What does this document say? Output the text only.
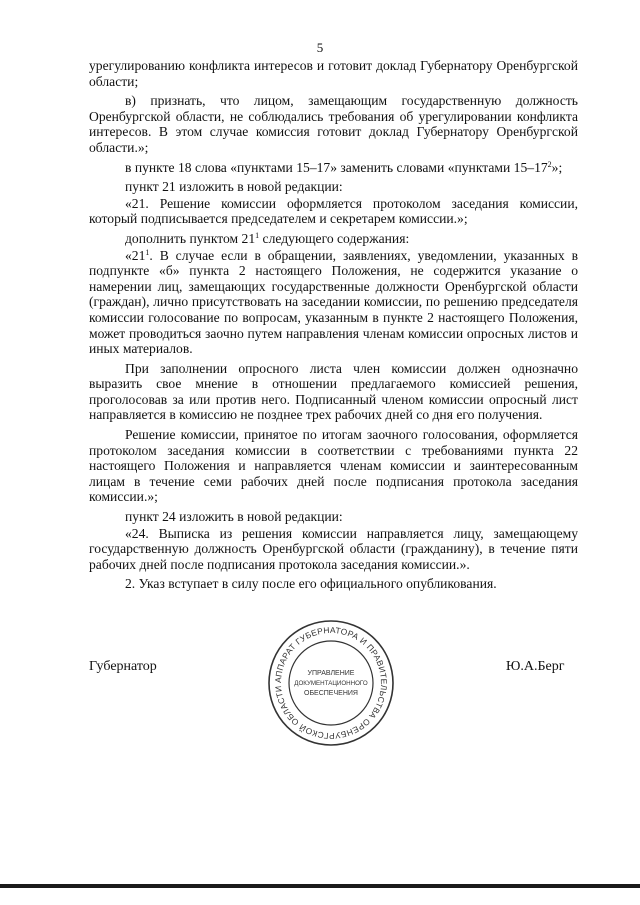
5

урегулированию конфликта интересов и готовит доклад Губернатору Оренбургской области;

в) признать, что лицом, замещающим государственную должность Оренбургской области, не соблюдались требования об урегулировании конфликта интересов. В этом случае комиссия готовит доклад Губернатору Оренбургской области.»;

в пункте 18 слова «пунктами 15–17» заменить словами «пунктами $15-17^2$»;

пункт 21 изложить в новой редакции:

«21. Решение комиссии оформляется протоколом заседания комиссии, который подписывается председателем и секретарем комиссии.»;

дополнить пунктом $21^1$ следующего содержания:

«$21^1$. В случае если в обращении, заявлениях, уведомлении, указанных в подпункте «б» пункта 2 настоящего Положения, не содержится указание о намерении лиц, замещающих государственные должности Оренбургской области (граждан), лично присутствовать на заседании комиссии, по решению председателя комиссии голосование по вопросам, указанным в пункте 2 настоящего Положения, может проводиться заочно путем направления членам комиссии опросных листов и иных материалов.

При заполнении опросного листа член комиссии должен однозначно выразить свое мнение в отношении предлагаемого комиссией решения, проголосовав за или против него. Подписанный членом комиссии опросный лист направляется в комиссию не позднее трех рабочих дней со дня его получения.

Решение комиссии, принятое по итогам заочного голосования, оформляется протоколом заседания комиссии в соответствии с требованиями пункта 22 настоящего Положения и направляется членам комиссии и заинтересованным лицам в течение семи рабочих дней после подписания протокола заседания комиссии.»;

пункт 24 изложить в новой редакции:

«24. Выписка из решения комиссии направляется лицу, замещающему государственную должность Оренбургской области (гражданину), в течение пяти рабочих дней после подписания протокола заседания комиссии.».

2. Указ вступает в силу после его официального опубликования.

Губернатор	Ю.А.Берг
АППАРАТ ГУБЕРНАТОРА И ПРАВИТЕЛЬСТВА ОРЕНБУРГСКОЙ ОБЛАСТИ
УПРАВЛЕНИЕ
ДОКУМЕНТАЦИОННОГО
ОБЕСПЕЧЕНИЯ
